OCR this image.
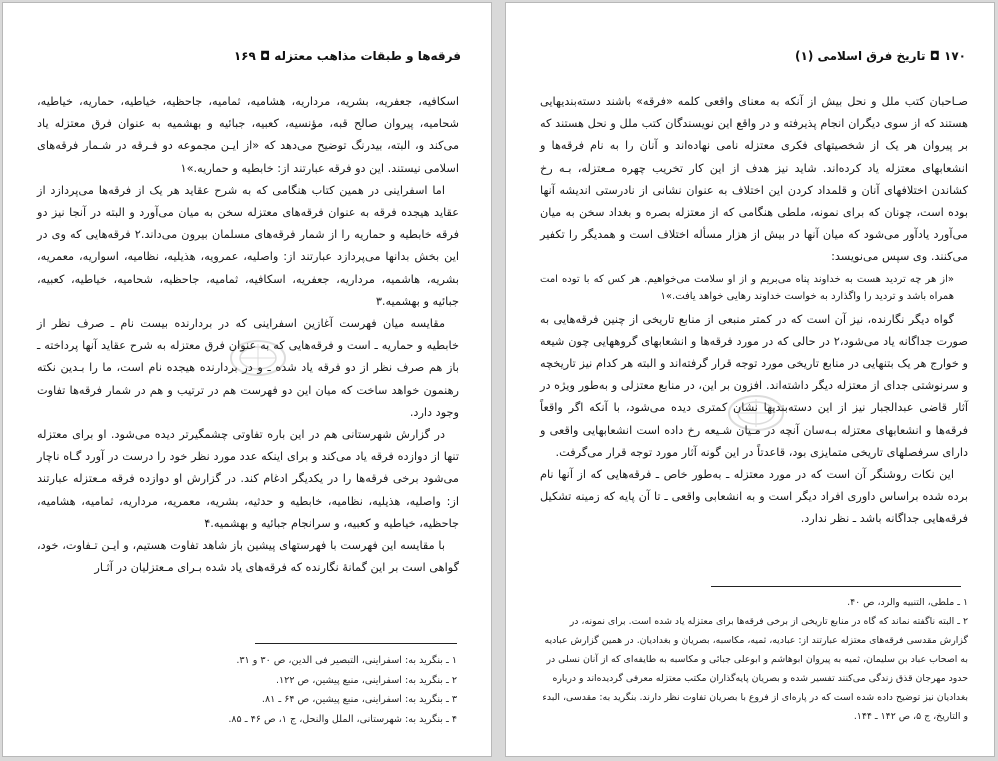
فرقه‌ها و طبقات مذاهب معتزله ◘ ۱۶۹

اسکافیه، جعفریه، بشریه، مرداریه، هشامیه، ثمامیه، جاحظیه، خیاطیه، حماریه، خیاطیه، شحامیه، پیروان صالح قبه، مؤنسیه، کعبیه، جبائیه و بهشمیه به عنوان فرق معتزله یاد می‌کند و، البته، بیدرنگ توضیح می‌دهد که «از ایـن مجموعه دو فـرقه در شـمار فرقه‌های اسلامی نیستند. این دو فرقه عبارتند از: خابطیه و حماریه.»۱

اما اسفراینی در همین کتاب هنگامی که به شرح عقاید هر یک از فرقه‌ها می‌پردازد از عقاید هیجده فرقه به عنوان فرقه‌های معتزله سخن به میان می‌آورد و البته در آنجا نیز دو فرقه خابطیه و حماریه را از شمار فرقه‌های مسلمان بیرون می‌داند.۲ فرقه‌هایی که وی در این بخش بدانها می‌پردازد عبارتند از: واصلیه، عمرویه، هذیلیه، نظامیه، اسواریه، معمریه، بشریه، هاشمیه، مرداریه، جعفریه، اسکافیه، ثمامیه، جاحظیه، شحامیه، خیاطیه، کعبیه، جبائیه و بهشمیه.۳

مقایسه میان فهرست آغازین اسفراینی که در بردارنده بیست نام ـ صرف نظر از خابطیه و حماریه ـ است و فرقه‌هایی که به عنوان فرق معتزله به شرح عقاید آنها پرداخته ـ باز هم صرف نظر از دو فرقه یاد شده ـ و در بردارنده هیجده نام است، ما را بـدین نکته رهنمون خواهد ساخت که میان این دو فهرست هم در ترتیب و هم در شمار فرقه‌ها تفاوت وجود دارد.

در گزارش شهرستانی هم در این باره تفاوتی چشمگیرتر دیده می‌شود. او برای معتزله تنها از دوازده فرقه یاد می‌کند و برای اینکه عدد مورد نظر خود را درست در آورد گـاه ناچار می‌شود برخی فرقه‌ها را در یکدیگر ادغام کند. در گزارش او دوازده فرقه مـعتزله عبارتند از: واصلیه، هذیلیه، نظامیه، خابطیه و حدثیه، بشریه، معمریه، مرداریه، ثمامیه، هشامیه، جاحظیه، خیاطیه و کعبیه، و سرانجام جبائیه و بهشمیه.۴

با مقایسه این فهرست با فهرستهای پیشین باز شاهد تفاوت هستیم، و ایـن تـفاوت، خود، گواهی است بر این گمانهٔ نگارنده که فرقه‌های یاد شده بـرای مـعتزلیان در آثـار

۱ ـ بنگرید به: اسفراینی، التبصیر فی الدین، ص ۳۰ و ۳۱.
۲ ـ بنگرید به: اسفراینی، منبع پیشین، ص ۱۲۲.
۳ ـ بنگرید به: اسفراینی، منبع پیشین، ص ۶۴ ـ ۸۱.
۴ ـ بنگرید به: شهرستانی، الملل والنحل، ج ۱، ص ۴۶ ـ ۸۵.
۱۷۰ ◘ تاریخ فرق اسلامی (۱)

صـاحبان کتب ملل و نحل بیش از آنکه به معنای واقعی کلمه «فرقه» باشند دسته‌بندیهایی هستند که از سوی دیگران انجام پذیرفته و در واقع این نویسندگان کتب ملل و نحل هستند که بر پیروان هر یک از شخصیتهای فکری معتزله نامی نهاده‌اند و آنان را به نام فرقه‌ها و انشعابهای معتزله یاد کرده‌اند. شاید نیز هدف از این کار تخریب چهره مـعتزله، بـه رخ کشاندن اختلافهای آنان و قلمداد کردن این اختلاف به عنوان نشانی از نادرستی اندیشه آنها بوده است، چونان که برای نمونه، ملطی هنگامی که از معتزله بصره و بغداد سخن به میان می‌آورد یادآور می‌شود که میان آنها در بیش از هزار مسأله اختلاف است و همدیگر را تکفیر می‌کنند. وی سپس می‌نویسد:

«از هر چه تردید هست به خداوند پناه می‌بریم و از او سلامت می‌خواهیم. هر کس که با توده امت همراه باشد و تردید را واگذارد به خواست خداوند رهایی خواهد یافت.»۱

گواه دیگر نگارنده، نیز آن است که در کمتر منبعی از منابع تاریخی از چنین فرقه‌هایی به صورت جداگانه یاد می‌شود،۲ در حالی که در مورد فرقه‌ها و انشعابهای گروههایی چون شیعه و خوارج هر یک بتنهایی در منابع تاریخی مورد توجه قرار گرفته‌اند و البته هر کدام نیز تاریخچه و سرنوشتی جدای از معتزله دیگر داشته‌اند. افزون بر این، در منابع معتزلی و به‌طور ویژه در آثار قاضی عبدالجبار نیز از این دسته‌بندیها نشان کمتری دیده می‌شود، با آنکه اگر واقعاً فرقه‌ها و انشعابهای معتزله بـه‌سان آنچه در مـیان شـیعه رخ داده است انشعابهایی واقعی و دارای سرفصلهای تاریخی متمایزی بود، قاعدتاً در این گونه آثار مورد توجه قرار می‌گرفت.

این نکات روشنگر آن است که در مورد معتزله ـ به‌طور خاص ـ فرقه‌هایی که از آنها نام برده شده براساس داوری افراد دیگر است و به انشعابی واقعی ـ تا آن پایه که زمینه تشکیل فرقه‌هایی جداگانه باشد ـ نظر ندارد.

۱ ـ ملطی، التنبیه والرد، ص ۴۰.
۲ ـ البته ناگفته نماند که گاه در منابع تاریخی از برخی فرقه‌ها برای معتزله یاد شده است. برای نمونه، در گزارش مقدسی فرقه‌های معتزله عبارتند از: عبادیه، ثمیه، مکاسبه، بصریان و بغدادیان. در همین گزارش عبادیه به اصحاب عباد بن سلیمان، ثمیه به پیروان ابوهاشم و ابوعلی جبائی و مکاسبه به طایفه‌ای که از آنان نسلی در حدود مهرجان قذق زندگی می‌کنند تفسیر شده و بصریان پایه‌گذاران مکتب معتزله معرفی گردیده‌اند و درباره بغدادیان نیز توضیح داده شده است که در پاره‌ای از فروع با بصریان تفاوت نظر دارند. بنگرید به: مقدسی، البدء و التاریخ، ج ۵، ص ۱۴۲ ـ ۱۴۴.
